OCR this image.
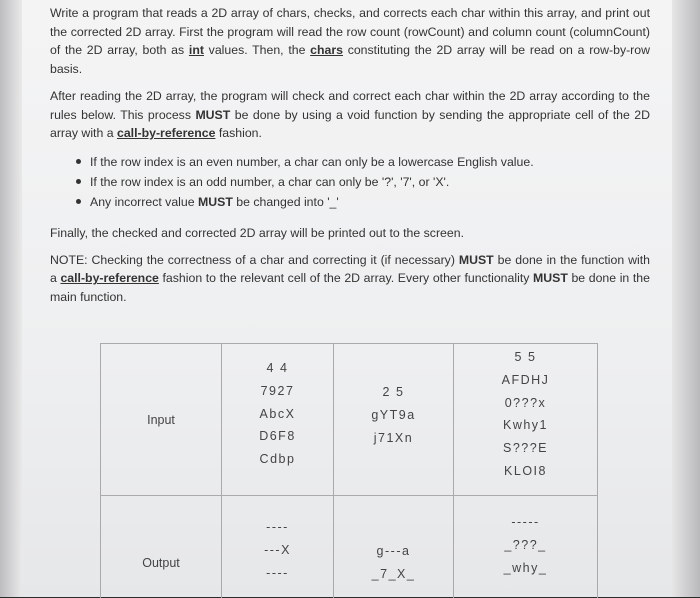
Write a program that reads a 2D array of chars, checks, and corrects each char within this array, and print out the corrected 2D array. First the program will read the row count (rowCount) and column count (columnCount) of the 2D array, both as int values. Then, the chars constituting the 2D array will be read on a row-by-row basis.

After reading the 2D array, the program will check and correct each char within the 2D array according to the rules below. This process MUST be done by using a void function by sending the appropriate cell of the 2D array with a call-by-reference fashion.

If the row index is an even number, a char can only be a lowercase English value.
If the row index is an odd number, a char can only be '?', '7', or 'X'.
Any incorrect value MUST be changed into '_'

Finally, the checked and corrected 2D array will be printed out to the screen.

NOTE: Checking the correctness of a char and correcting it (if necessary) MUST be done in the function with a call-by-reference fashion to the relevant cell of the 2D array. Every other functionality MUST be done in the main function.

Input
Output
4 4
7927
AbcX
D6F8
Cdbp
2 5
gYT9a
j71Xn
5 5
AFDHJ
0???x
Kwhy1
S???E
KLOI8
----
---X
----
g---a
_7_X_
-----
_???_
_why_
